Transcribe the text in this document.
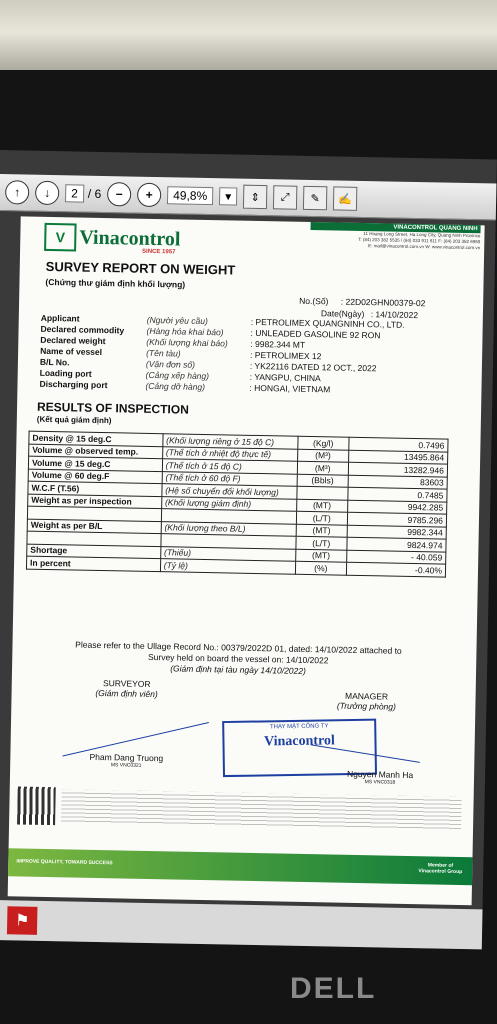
↑	↓	2 / 6	−	+	49,8%	▾	⇕	⤢	✎	✍
V Vinacontrol
SINCE 1957
VINACONTROL QUANG NINH
11 Hoang Long Street, Ha Long City, Quang Ninh Province
T: (84) 203 382 5535 / (84) 033 911 611 F: (84) 203 382 6969
E: mail@vinacontrol.com.vn W: www.vinacontrol.com.vn
SURVEY REPORT ON WEIGHT
(Chứng thư giám định khối lượng)
No.(Số) : 22D02GHN00379-02
Date(Ngày) : 14/10/2022
Applicant	(Người yêu cầu)	: PETROLIMEX QUANGNINH CO., LTD.
Declared commodity	(Hàng hóa khai báo)	: UNLEADED GASOLINE 92 RON
Declared weight	(Khối lượng khai báo)	: 9982.344 MT
Name of vessel	(Tên tàu)	: PETROLIMEX 12
B/L No.	(Vận đơn số)	: YK22116 DATED 12 OCT., 2022
Loading port	(Cảng xếp hàng)	: YANGPU, CHINA
Discharging port	(Cảng dỡ hàng)	: HONGAI, VIETNAM
RESULTS OF INSPECTION
(Kết quả giám định)
Density @ 15 deg.C	(Khối lượng riêng ở 15 độ C)	(Kg/l)	0.7496
Volume @ observed temp.	(Thể tích ở nhiệt độ thực tế)	(M³)	13495.864
Volume @ 15 deg.C	(Thể tích ở 15 độ C)	(M³)	13282.946
Volume @ 60 deg.F	(Thể tích ở 60 độ F)	(Bbls)	83603
W.C.F (T.56)	(Hệ số chuyển đổi khối lượng)		0.7485
Weight as per inspection	(Khối lượng giám định)	(MT)	9942.285
		(L/T)	9785.296
Weight as per B/L	(Khối lượng theo B/L)	(MT)	9982.344
		(L/T)	9824.974
Shortage	(Thiếu)	(MT)	- 40.059
In percent	(Tỷ lệ)	(%)	-0.40%
Please refer to the Ullage Record No.: 00379/2022D 01, dated: 14/10/2022 attached to
Survey held on board the vessel on: 14/10/2022
(Giám định tại tàu ngày 14/10/2022)
SURVEYOR
(Giám định viên)	MANAGER
(Trưởng phòng)
THAY MẶT CÔNG TY
Vinacontrol
Pham Dang Truong
MS VNC0321
Nguyen Manh Ha
MS VNC0318
IMPROVE QUALITY, TOWARD SUCCESS	Member of
Vinacontrol Group
⚑
DELL
